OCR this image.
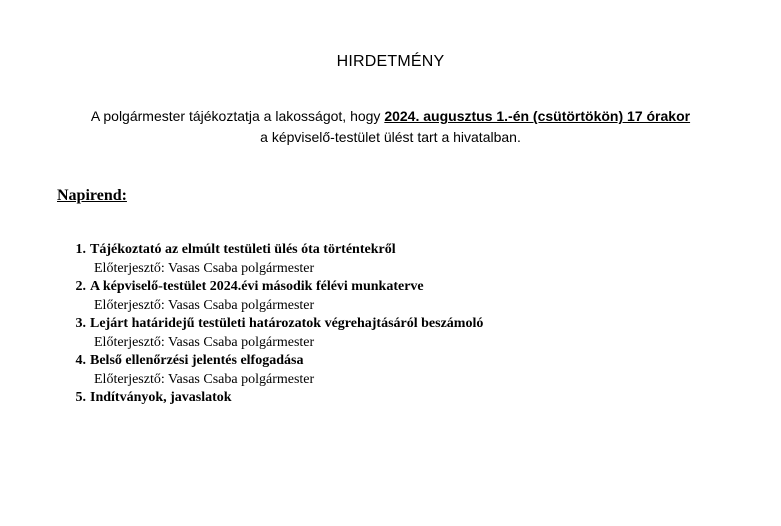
HIRDETMÉNY
A polgármester tájékoztatja a lakosságot, hogy 2024. augusztus 1.-én (csütörtökön) 17 órakor
a képviselő-testület ülést tart a hivatalban.
Napirend:
1. Tájékoztató az elmúlt testületi ülés óta történtekről
Előterjesztő: Vasas Csaba polgármester
2. A képviselő-testület 2024.évi második félévi munkaterve
Előterjesztő: Vasas Csaba polgármester
3. Lejárt határidejű testületi határozatok végrehajtásáról beszámoló
Előterjesztő: Vasas Csaba polgármester
4. Belső ellenőrzési jelentés elfogadása
Előterjesztő: Vasas Csaba polgármester
5. Indítványok, javaslatok
